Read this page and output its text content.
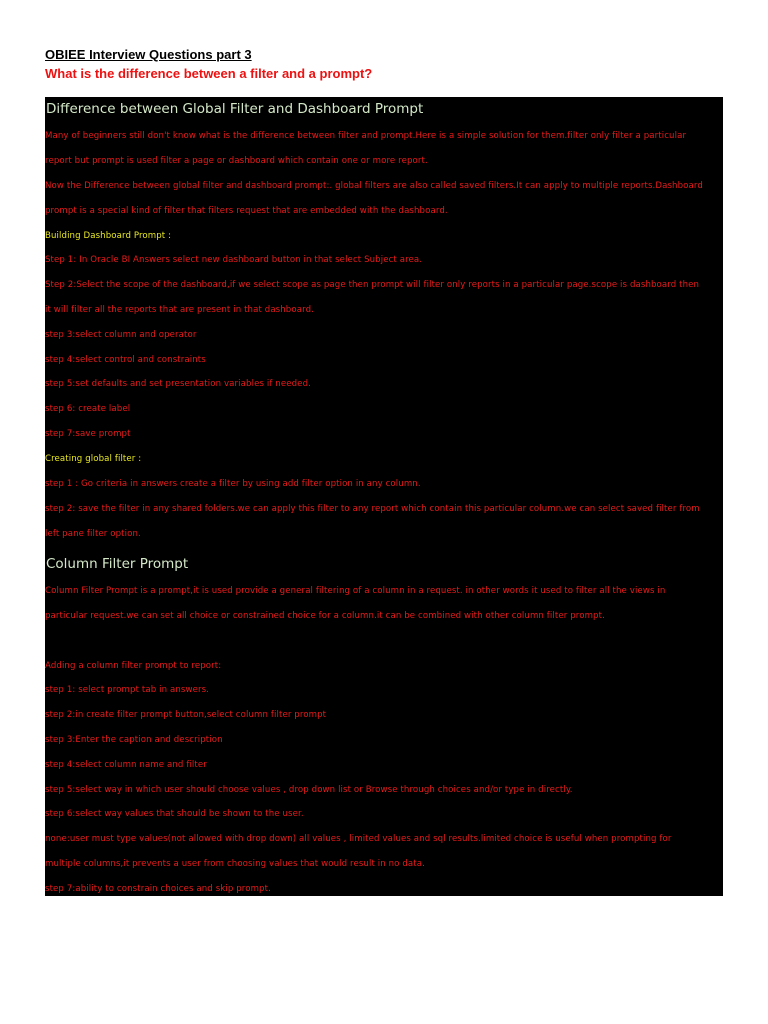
OBIEE Interview Questions part 3
What is the difference between a filter and a prompt?
Difference between Global Filter and Dashboard Prompt
Many of beginners still don't know what is the difference between filter and prompt.Here is a simple solution for them.filter only filter a particular
report but prompt is used filter a page or dashboard which contain one or more report.
Now the Difference between global filter and dashboard prompt:. global filters are also called saved filters.It can apply to multiple reports.Dashboard
prompt is a special kind of filter that filters request that are embedded with the dashboard.
Building Dashboard Prompt :
Step 1: In Oracle BI Answers select new dashboard button in that select Subject area.
Step 2:Select the scope of the dashboard,if we select scope as page then prompt will filter only reports in a particular page.scope is dashboard then
it will filter all the reports that are present in that dashboard.
step 3:select column and operator
step 4:select control and constraints
step 5:set defaults and set presentation variables if needed.
step 6: create label
step 7:save prompt
Creating global filter :
step 1 : Go criteria in answers create a filter by using add filter option in any column.
step 2: save the filter in any shared folders.we can apply this filter to any report which contain this particular column.we can select saved filter from
left pane filter option.
Column Filter Prompt
Column Filter Prompt is a prompt,it is used provide a general filtering of a column in a request. in other words it used to filter all the views in
particular request.we can set all choice or constrained choice for a column.it can be combined with other column filter prompt.
Adding a column filter prompt to report:
step 1: select prompt tab in answers.
step 2:in create filter prompt button,select column filter prompt
step 3:Enter the caption and description
step 4:select column name and filter
step 5:select way in which user should choose values , drop down list or Browse through choices and/or type in directly.
step 6:select way values that should be shown to the user.
none:user must type values(not allowed with drop down) all values , limited values and sql results.limited choice is useful when prompting for
multiple columns,it prevents a user from choosing values that would result in no data.
step 7:ability to constrain choices and skip prompt.
